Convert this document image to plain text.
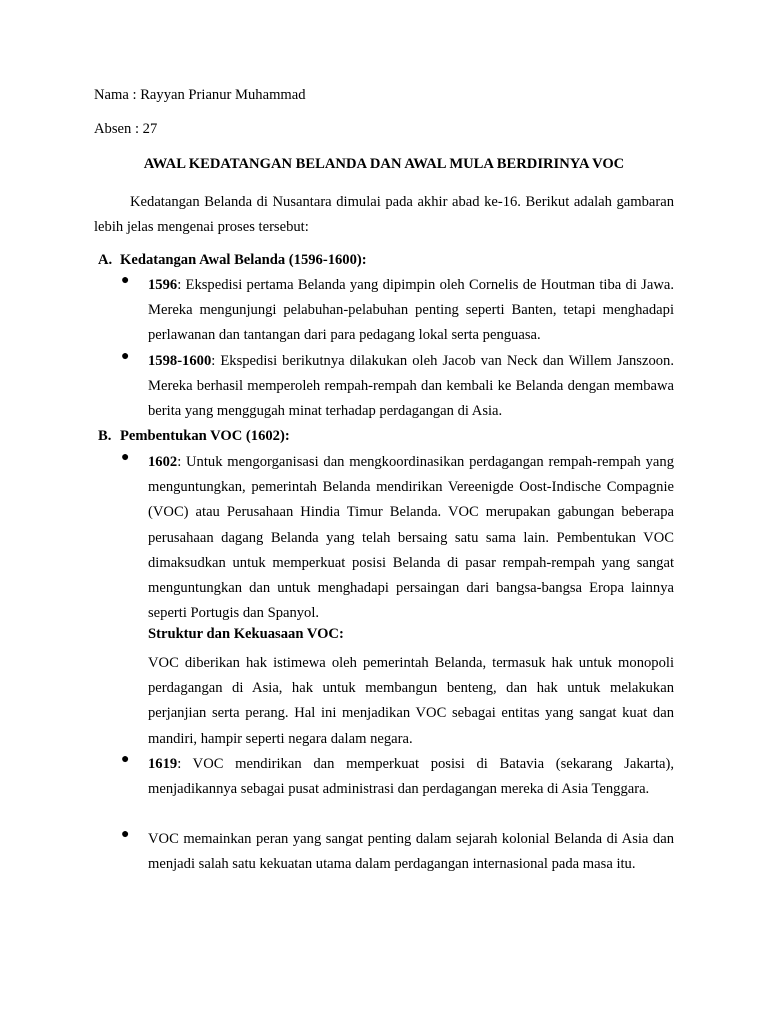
Nama : Rayyan Prianur Muhammad
Absen : 27
AWAL KEDATANGAN BELANDA DAN AWAL MULA BERDIRINYA VOC
Kedatangan Belanda di Nusantara dimulai pada akhir abad ke-16. Berikut adalah gambaran lebih jelas mengenai proses tersebut:
A. Kedatangan Awal Belanda (1596-1600):
● 1596: Ekspedisi pertama Belanda yang dipimpin oleh Cornelis de Houtman tiba di Jawa. Mereka mengunjungi pelabuhan-pelabuhan penting seperti Banten, tetapi menghadapi perlawanan dan tantangan dari para pedagang lokal serta penguasa.
● 1598-1600: Ekspedisi berikutnya dilakukan oleh Jacob van Neck dan Willem Janszoon. Mereka berhasil memperoleh rempah-rempah dan kembali ke Belanda dengan membawa berita yang menggugah minat terhadap perdagangan di Asia.
B. Pembentukan VOC (1602):
● 1602: Untuk mengorganisasi dan mengkoordinasikan perdagangan rempah-rempah yang menguntungkan, pemerintah Belanda mendirikan Vereenigde Oost-Indische Compagnie (VOC) atau Perusahaan Hindia Timur Belanda. VOC merupakan gabungan beberapa perusahaan dagang Belanda yang telah bersaing satu sama lain. Pembentukan VOC dimaksudkan untuk memperkuat posisi Belanda di pasar rempah-rempah yang sangat menguntungkan dan untuk menghadapi persaingan dari bangsa-bangsa Eropa lainnya seperti Portugis dan Spanyol.
Struktur dan Kekuasaan VOC:
VOC diberikan hak istimewa oleh pemerintah Belanda, termasuk hak untuk monopoli perdagangan di Asia, hak untuk membangun benteng, dan hak untuk melakukan perjanjian serta perang. Hal ini menjadikan VOC sebagai entitas yang sangat kuat dan mandiri, hampir seperti negara dalam negara.
● 1619: VOC mendirikan dan memperkuat posisi di Batavia (sekarang Jakarta), menjadikannya sebagai pusat administrasi dan perdagangan mereka di Asia Tenggara.
● VOC memainkan peran yang sangat penting dalam sejarah kolonial Belanda di Asia dan menjadi salah satu kekuatan utama dalam perdagangan internasional pada masa itu.
